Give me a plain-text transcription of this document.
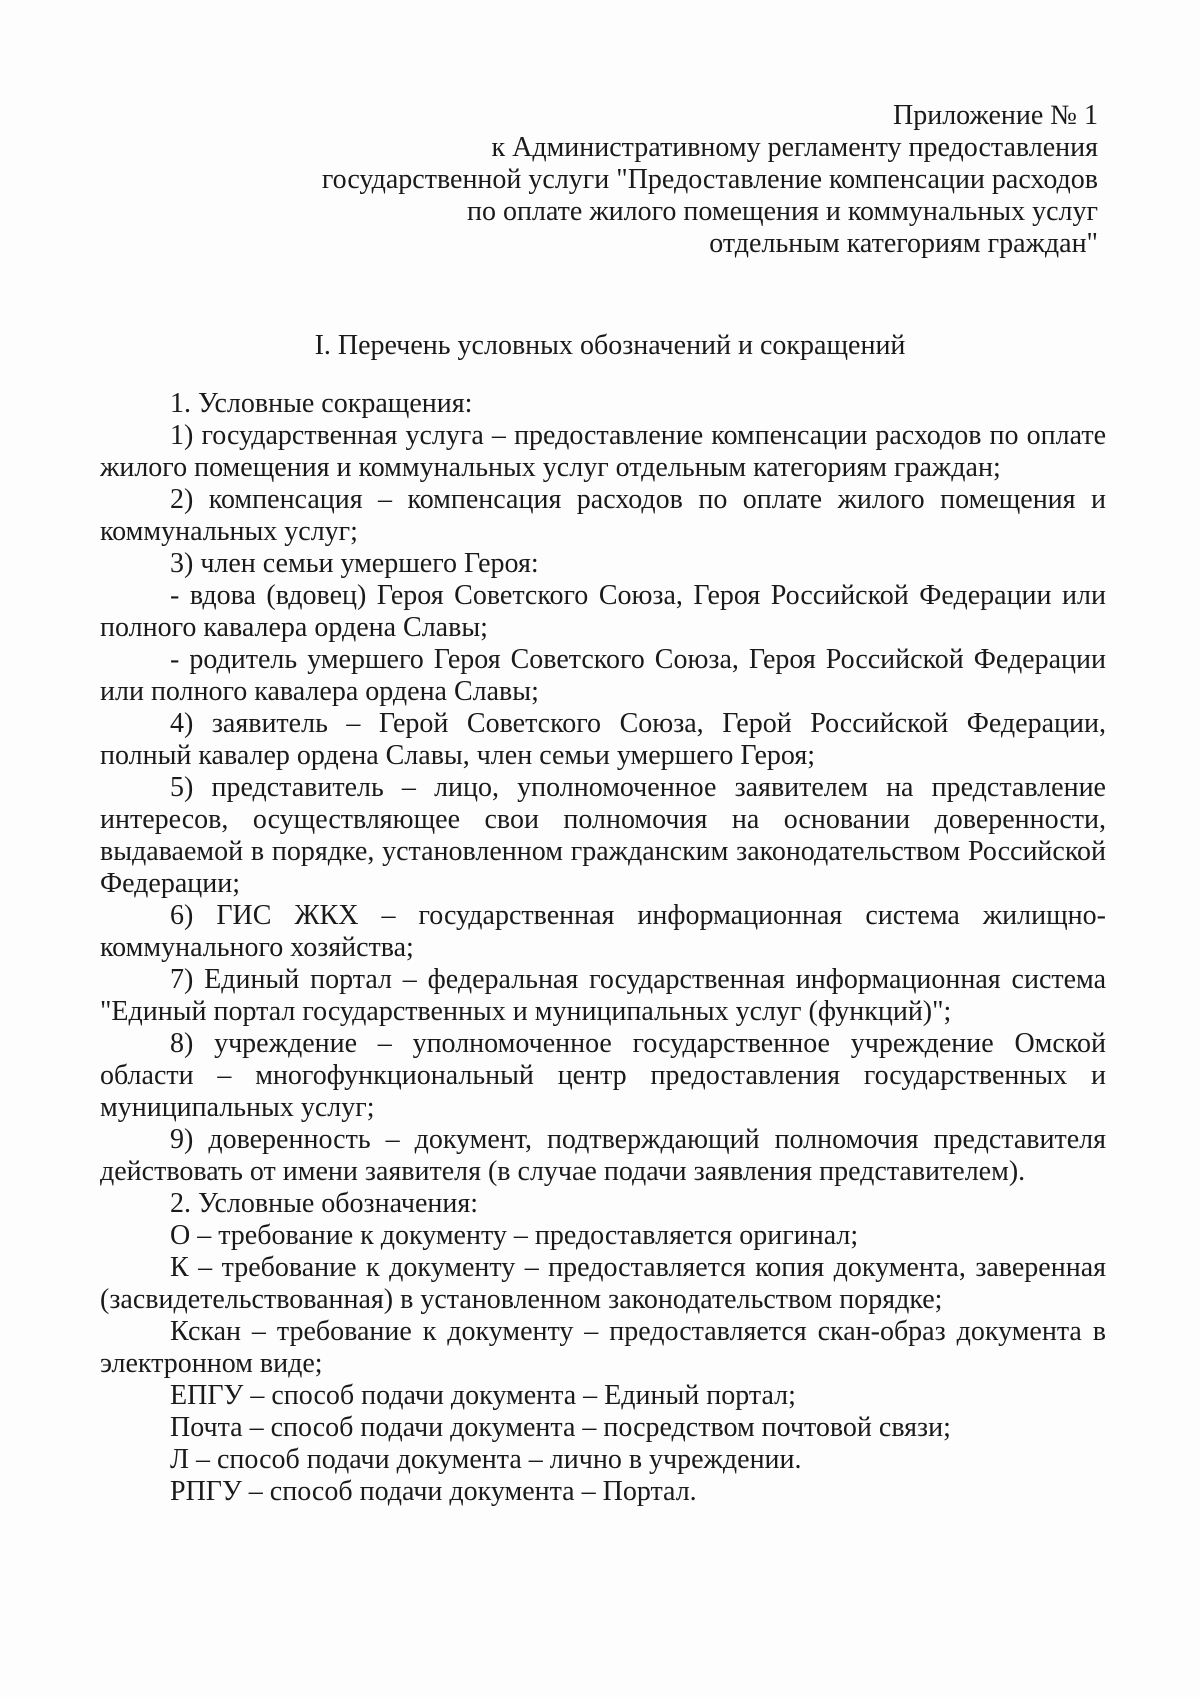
Приложение № 1
к Административному регламенту предоставления
государственной услуги "Предоставление компенсации расходов
по оплате жилого помещения и коммунальных услуг
отдельным категориям граждан"
I. Перечень условных обозначений и сокращений

1. Условные сокращения:

1) государственная услуга – предоставление компенсации расходов по оплате жилого помещения и коммунальных услуг отдельным категориям граждан;

2) компенсация – компенсация расходов по оплате жилого помещения и коммунальных услуг;

3) член семьи умершего Героя:

- вдова (вдовец) Героя Советского Союза, Героя Российской Федерации или полного кавалера ордена Славы;

- родитель умершего Героя Советского Союза, Героя Российской Федерации или полного кавалера ордена Славы;

4) заявитель – Герой Советского Союза, Герой Российской Федерации, полный кавалер ордена Славы, член семьи умершего Героя;

5) представитель – лицо, уполномоченное заявителем на представление интересов, осуществляющее свои полномочия на основании доверенности, выдаваемой в порядке, установленном гражданским законодательством Российской Федерации;

6) ГИС ЖКХ – государственная информационная система жилищно-коммунального хозяйства;

7) Единый портал – федеральная государственная информационная система "Единый портал государственных и муниципальных услуг (функций)";

8) учреждение – уполномоченное государственное учреждение Омской области – многофункциональный центр предоставления государственных и муниципальных услуг;

9) доверенность – документ, подтверждающий полномочия представителя действовать от имени заявителя (в случае подачи заявления представителем).

2. Условные обозначения:

О – требование к документу – предоставляется оригинал;

К – требование к документу – предоставляется копия документа, заверенная (засвидетельствованная) в установленном законодательством порядке;

Кскан – требование к документу – предоставляется скан-образ документа в электронном виде;

ЕПГУ – способ подачи документа – Единый портал;

Почта – способ подачи документа – посредством почтовой связи;

Л – способ подачи документа – лично в учреждении.

РПГУ – способ подачи документа – Портал.
